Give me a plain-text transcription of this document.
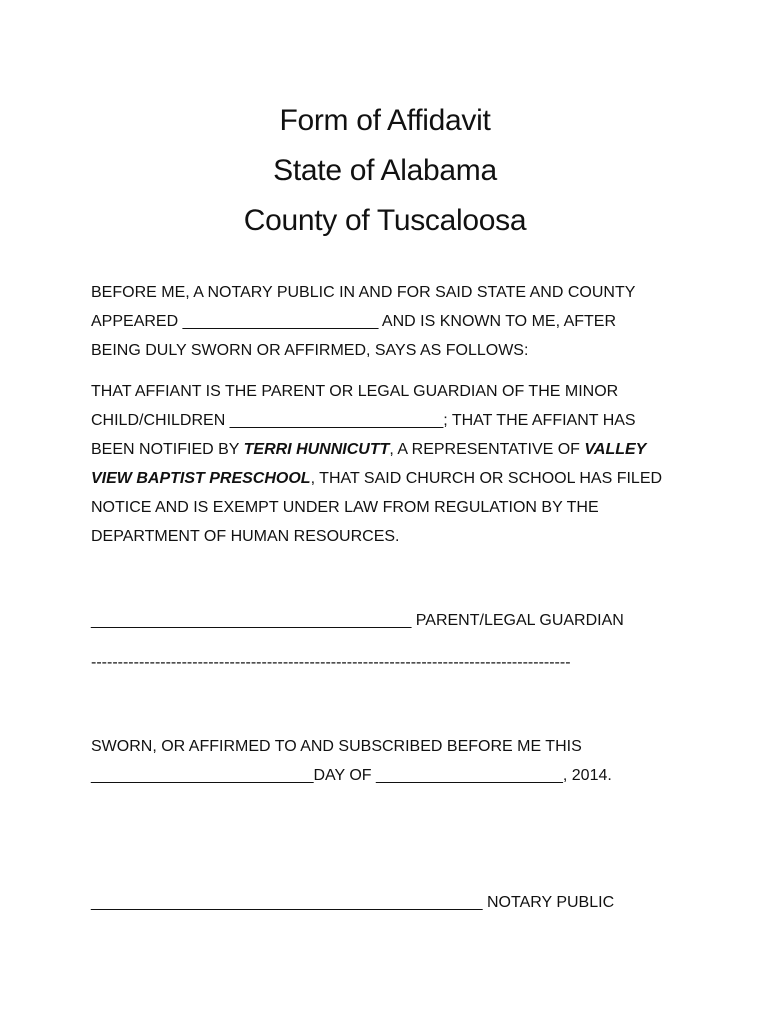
Form of Affidavit
State of Alabama
County of Tuscaloosa
BEFORE ME, A NOTARY PUBLIC IN AND FOR SAID STATE AND COUNTY
APPEARED ______________________ AND IS KNOWN TO ME, AFTER
BEING DULY SWORN OR AFFIRMED, SAYS AS FOLLOWS:
THAT AFFIANT IS THE PARENT OR LEGAL GUARDIAN OF THE MINOR
CHILD/CHILDREN ________________________; THAT THE AFFIANT HAS
BEEN NOTIFIED BY TERRI HUNNICUTT, A REPRESENTATIVE OF VALLEY
VIEW BAPTIST PRESCHOOL, THAT SAID CHURCH OR SCHOOL HAS FILED
NOTICE AND IS EXEMPT UNDER LAW FROM REGULATION BY THE
DEPARTMENT OF HUMAN RESOURCES.
____________________________________ PARENT/LEGAL GUARDIAN
------------------------------------------------------------------------------------------
SWORN, OR AFFIRMED TO AND SUBSCRIBED BEFORE ME THIS
_________________________DAY OF _____________________, 2014.
____________________________________________ NOTARY PUBLIC
